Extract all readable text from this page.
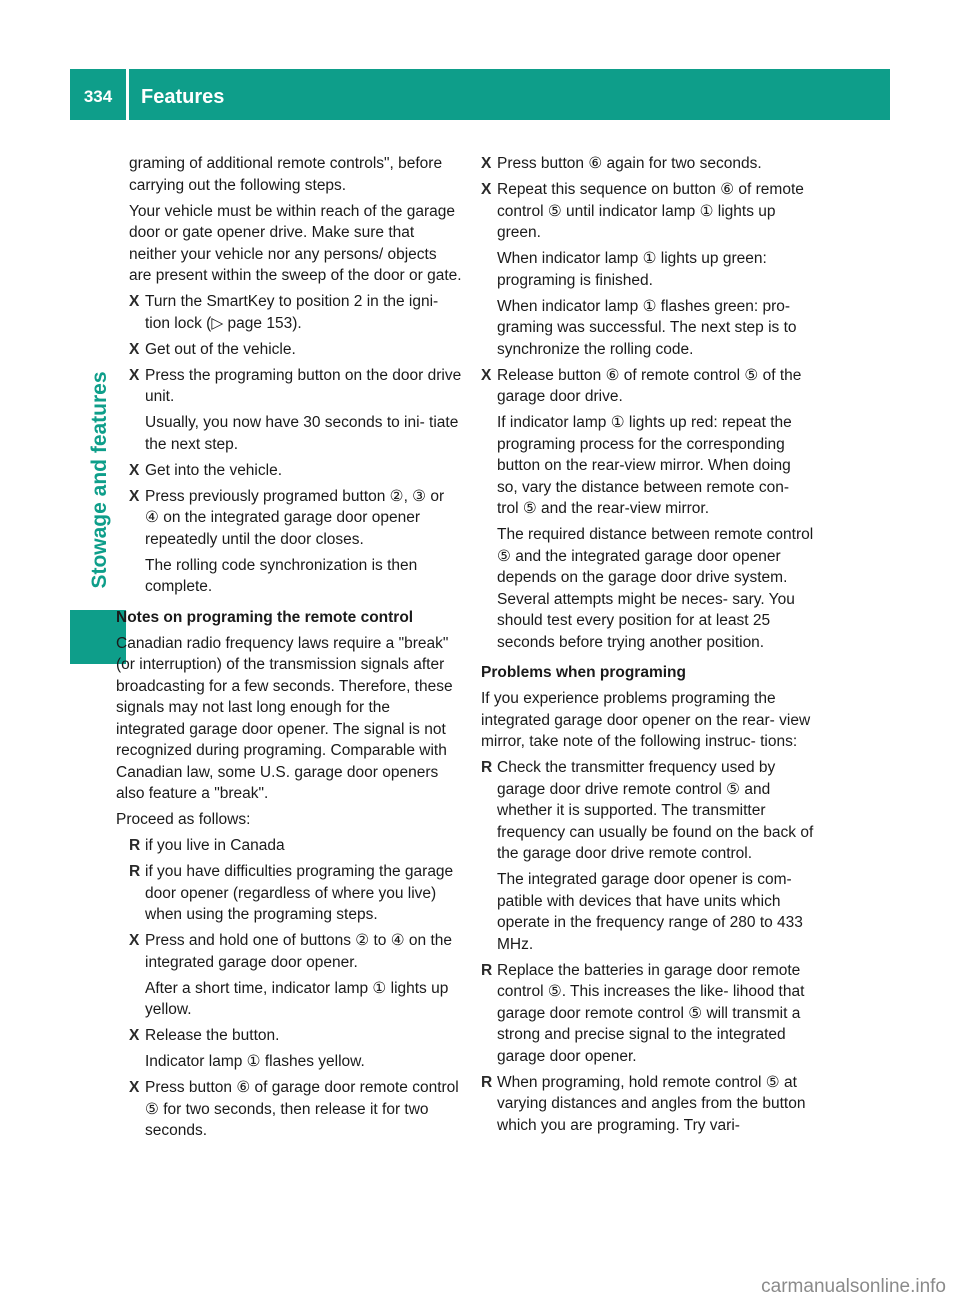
334	Features
Stowage and features

graming of additional remote controls", before carrying out the following steps.

Your vehicle must be within reach of the garage door or gate opener drive. Make sure that neither your vehicle nor any persons/ objects are present within the sweep of the door or gate.

X Turn the SmartKey to position 2 in the igni- tion lock (▷ page 153).

X Get out of the vehicle.

X Press the programing button on the door drive unit.

Usually, you now have 30 seconds to ini- tiate the next step.

X Get into the vehicle.

X Press previously programed button ②, ③ or ④ on the integrated garage door opener repeatedly until the door closes.

The rolling code synchronization is then complete.

Notes on programing the remote control

Canadian radio frequency laws require a "break" (or interruption) of the transmission signals after broadcasting for a few seconds. Therefore, these signals may not last long enough for the integrated garage door opener. The signal is not recognized during programing. Comparable with Canadian law, some U.S. garage door openers also feature a "break".

Proceed as follows:

R if you live in Canada

R if you have difficulties programing the garage door opener (regardless of where you live) when using the programing steps.

X Press and hold one of buttons ② to ④ on the integrated garage door opener.

After a short time, indicator lamp ① lights up yellow.

X Release the button.

Indicator lamp ① flashes yellow.

X Press button ⑥ of garage door remote control ⑤ for two seconds, then release it for two seconds.

X Press button ⑥ again for two seconds.

X Repeat this sequence on button ⑥ of remote control ⑤ until indicator lamp ① lights up green.

When indicator lamp ① lights up green: programing is finished.

When indicator lamp ① flashes green: pro- graming was successful. The next step is to synchronize the rolling code.

X Release button ⑥ of remote control ⑤ of the garage door drive.

If indicator lamp ① lights up red: repeat the programing process for the corresponding button on the rear-view mirror. When doing so, vary the distance between remote con- trol ⑤ and the rear-view mirror.

The required distance between remote control ⑤ and the integrated garage door opener depends on the garage door drive system. Several attempts might be neces- sary. You should test every position for at least 25 seconds before trying another position.

Problems when programing

If you experience problems programing the integrated garage door opener on the rear- view mirror, take note of the following instruc- tions:

R Check the transmitter frequency used by garage door drive remote control ⑤ and whether it is supported. The transmitter frequency can usually be found on the back of the garage door drive remote control.

The integrated garage door opener is com- patible with devices that have units which operate in the frequency range of 280 to 433 MHz.

R Replace the batteries in garage door remote control ⑤. This increases the like- lihood that garage door remote control ⑤ will transmit a strong and precise signal to the integrated garage door opener.

R When programing, hold remote control ⑤ at varying distances and angles from the button which you are programing. Try vari-

carmanualsonline.info
